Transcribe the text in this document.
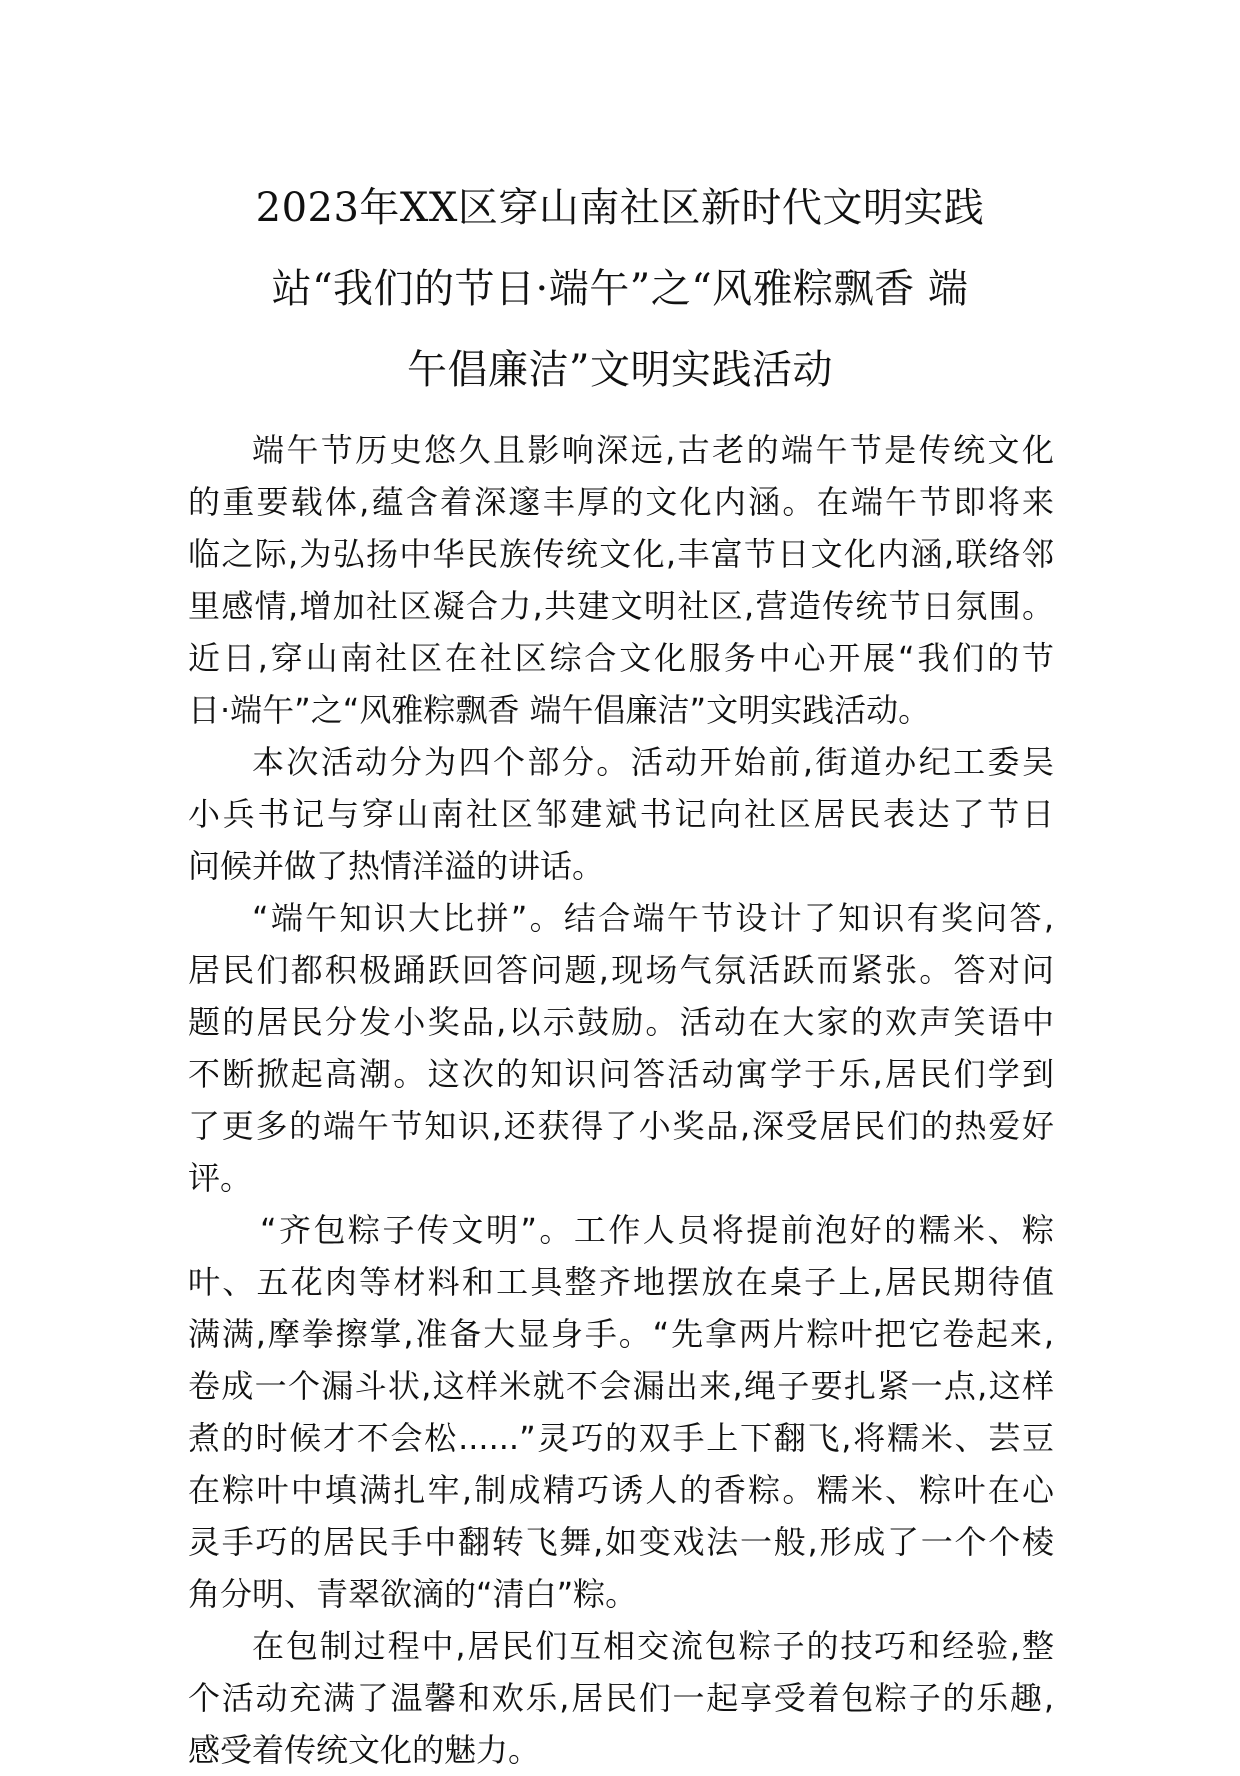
2023年XX区穿山南社区新时代文明实践
站“我们的节日·端午”之“风雅粽飘香 端
午倡廉洁”文明实践活动

端午节历史悠久且影响深远,古老的端午节是传统文化
的重要载体,蕴含着深邃丰厚的文化内涵。在端午节即将来
临之际,为弘扬中华民族传统文化,丰富节日文化内涵,联络邻
里感情,增加社区凝合力,共建文明社区,营造传统节日氛围。
近日,穿山南社区在社区综合文化服务中心开展“我们的节
日·端午”之“风雅粽飘香 端午倡廉洁”文明实践活动。

本次活动分为四个部分。活动开始前,街道办纪工委吴
小兵书记与穿山南社区邹建斌书记向社区居民表达了节日
问候并做了热情洋溢的讲话。

“端午知识大比拼”。结合端午节设计了知识有奖问答,
居民们都积极踊跃回答问题,现场气氛活跃而紧张。答对问
题的居民分发小奖品,以示鼓励。活动在大家的欢声笑语中
不断掀起高潮。这次的知识问答活动寓学于乐,居民们学到
了更多的端午节知识,还获得了小奖品,深受居民们的热爱好
评。

“齐包粽子传文明”。工作人员将提前泡好的糯米、粽
叶、五花肉等材料和工具整齐地摆放在桌子上,居民期待值
满满,摩拳擦掌,准备大显身手。“先拿两片粽叶把它卷起来,
卷成一个漏斗状,这样米就不会漏出来,绳子要扎紧一点,这样
煮的时候才不会松......”灵巧的双手上下翻飞,将糯米、芸豆
在粽叶中填满扎牢,制成精巧诱人的香粽。糯米、粽叶在心
灵手巧的居民手中翻转飞舞,如变戏法一般,形成了一个个棱
角分明、青翠欲滴的“清白”粽。

在包制过程中,居民们互相交流包粽子的技巧和经验,整
个活动充满了温馨和欢乐,居民们一起享受着包粽子的乐趣,
感受着传统文化的魅力。
